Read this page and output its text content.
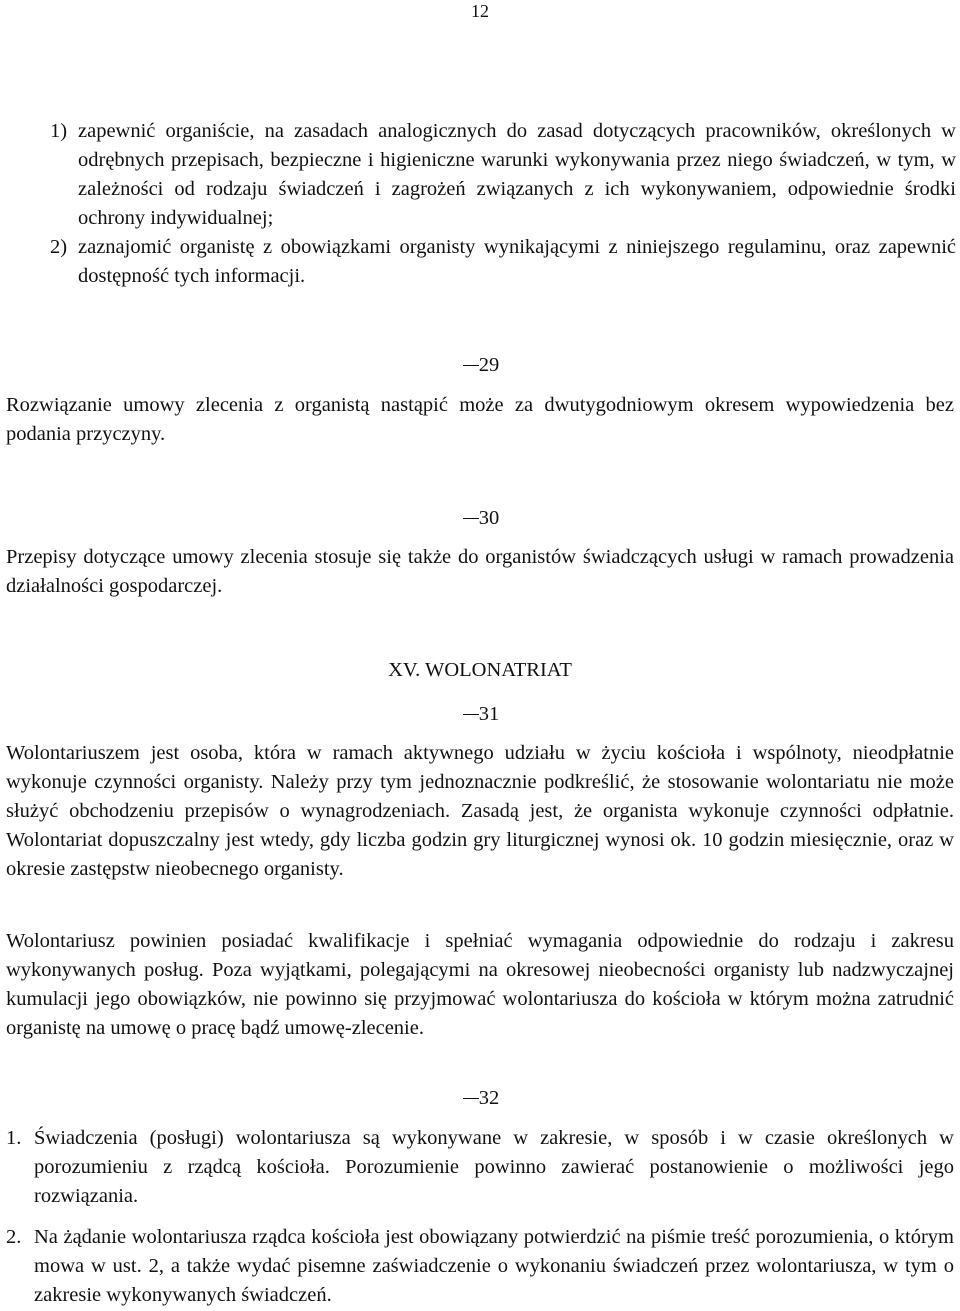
12
1) zapewnić organiście, na zasadach analogicznych do zasad dotyczących pracowników, określonych w odrębnych przepisach, bezpieczne i higieniczne warunki wykonywania przez niego świadczeń, w tym, w zależności od rodzaju świadczeń i zagrożeń związanych z ich wykonywaniem, odpowiednie środki ochrony indywidualnej;
2) zaznajomić organistę z obowiązkami organisty wynikającymi z niniejszego regulaminu, oraz zapewnić dostępność tych informacji.
29

Rozwiązanie umowy zlecenia z organistą nastąpić może za dwutygodniowym okresem wypowiedzenia bez podania przyczyny.

30

Przepisy dotyczące umowy zlecenia stosuje się także do organistów świadczących usługi w ramach prowadzenia działalności gospodarczej.

XV. WOLONATRIAT
31

Wolontariuszem jest osoba, która w ramach aktywnego udziału w życiu kościoła i wspólnoty, nieodpłatnie wykonuje czynności organisty. Należy przy tym jednoznacznie podkreślić, że stosowanie wolontariatu nie może służyć obchodzeniu przepisów o wynagrodzeniach. Zasadą jest, że organista wykonuje czynności odpłatnie. Wolontariat dopuszczalny jest wtedy, gdy liczba godzin gry liturgicznej wynosi ok. 10 godzin miesięcznie, oraz w okresie zastępstw nieobecnego organisty.

Wolontariusz powinien posiadać kwalifikacje i spełniać wymagania odpowiednie do rodzaju i zakresu wykonywanych posług. Poza wyjątkami, polegającymi na okresowej nieobecności organisty lub nadzwyczajnej kumulacji jego obowiązków, nie powinno się przyjmować wolontariusza do kościoła w którym można zatrudnić organistę na umowę o pracę bądź umowę-zlecenie.

32
1. Świadczenia (posługi) wolontariusza są wykonywane w zakresie, w sposób i w czasie określonych w porozumieniu z rządcą kościoła. Porozumienie powinno zawierać postanowienie o możliwości jego rozwiązania.
2. Na żądanie wolontariusza rządca kościoła jest obowiązany potwierdzić na piśmie treść porozumienia, o którym mowa w ust. 2, a także wydać pisemne zaświadczenie o wykonaniu świadczeń przez wolontariusza, w tym o zakresie wykonywanych świadczeń.
